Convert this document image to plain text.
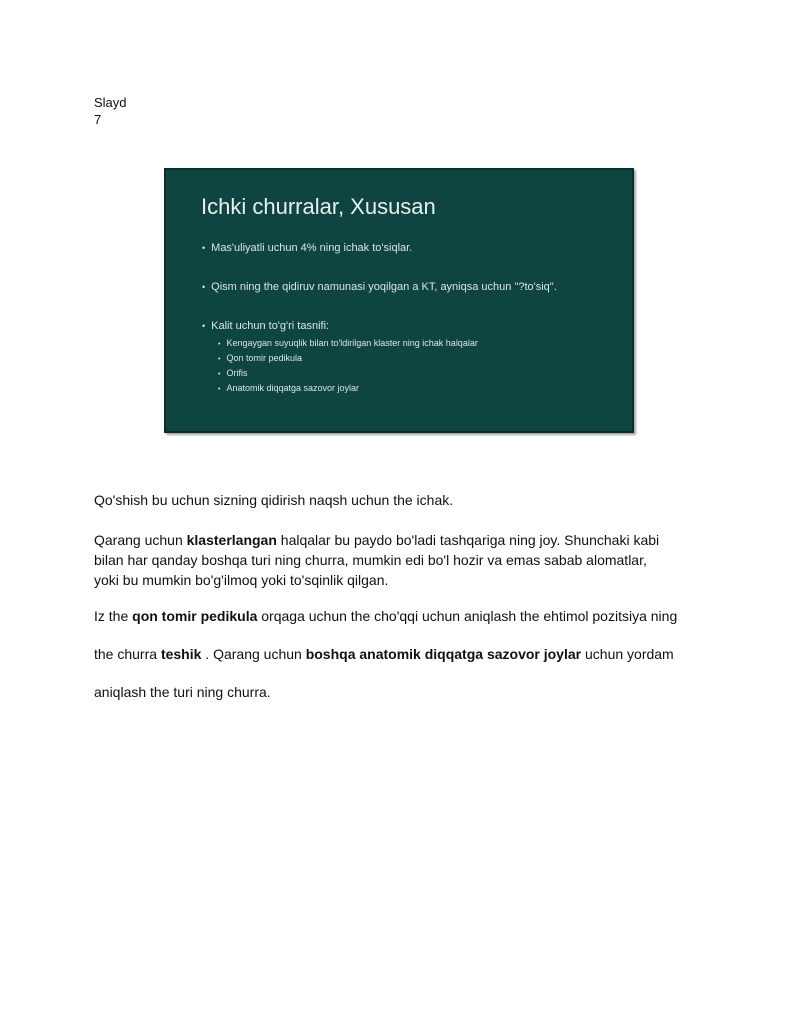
Slayd
7
Ichki churralar, Xususan
• Mas'uliyatli uchun 4% ning ichak to'siqlar.
• Qism ning the qidiruv namunasi yoqilgan a KT, ayniqsa uchun "?to'siq".
• Kalit uchun to'g'ri tasnifi:
• Kengaygan suyuqlik bilan to'ldirilgan klaster ning ichak halqalar
• Qon tomir pedikula
• Orifis
• Anatomik diqqatga sazovor joylar

Qo'shish bu uchun sizning qidirish naqsh uchun the ichak.

Qarang uchun klasterlangan halqalar bu paydo bo'ladi tashqariga ning joy. Shunchaki kabi

bilan har qanday boshqa turi ning churra, mumkin edi bo'l hozir va emas sabab alomatlar,

yoki bu mumkin bo'g'ilmoq yoki to'sqinlik qilgan.

Iz the qon tomir pedikula orqaga uchun the cho'qqi uchun aniqlash the ehtimol pozitsiya ning

the churra teshik . Qarang uchun boshqa anatomik diqqatga sazovor joylar uchun yordam

aniqlash the turi ning churra.
